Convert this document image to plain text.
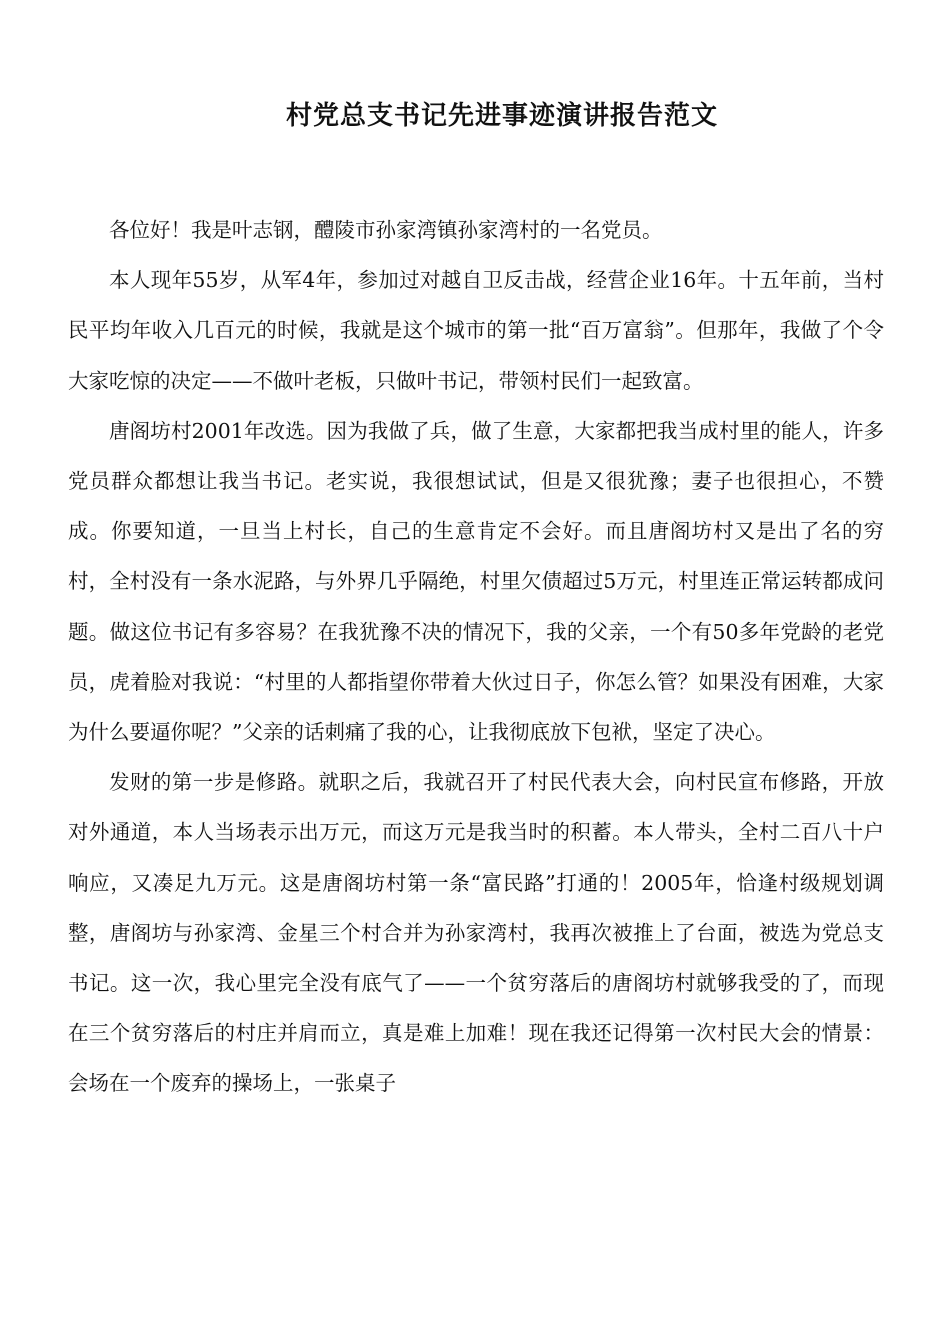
村党总支书记先进事迹演讲报告范文

各位好！我是叶志钢，醴陵市孙家湾镇孙家湾村的一名党员。

本人现年55岁，从军4年，参加过对越自卫反击战，经营企业16年。十五年前，当村民平均年收入几百元的时候，我就是这个城市的第一批“百万富翁”。但那年，我做了个令大家吃惊的决定——不做叶老板，只做叶书记，带领村民们一起致富。

唐阁坊村2001年改选。因为我做了兵，做了生意，大家都把我当成村里的能人，许多党员群众都想让我当书记。老实说，我很想试试，但是又很犹豫；妻子也很担心，不赞成。你要知道，一旦当上村长，自己的生意肯定不会好。而且唐阁坊村又是出了名的穷村，全村没有一条水泥路，与外界几乎隔绝，村里欠债超过5万元，村里连正常运转都成问题。做这位书记有多容易？在我犹豫不决的情况下，我的父亲，一个有50多年党龄的老党员，虎着脸对我说：“村里的人都指望你带着大伙过日子，你怎么管？如果没有困难，大家为什么要逼你呢？”父亲的话刺痛了我的心，让我彻底放下包袱，坚定了决心。

发财的第一步是修路。就职之后，我就召开了村民代表大会，向村民宣布修路，开放对外通道，本人当场表示出万元，而这万元是我当时的积蓄。本人带头，全村二百八十户响应，又凑足九万元。这是唐阁坊村第一条“富民路”打通的！2005年，恰逢村级规划调整，唐阁坊与孙家湾、金星三个村合并为孙家湾村，我再次被推上了台面，被选为党总支书记。这一次，我心里完全没有底气了——一个贫穷落后的唐阁坊村就够我受的了，而现在三个贫穷落后的村庄并肩而立，真是难上加难！现在我还记得第一次村民大会的情景：会场在一个废弃的操场上，一张桌子
